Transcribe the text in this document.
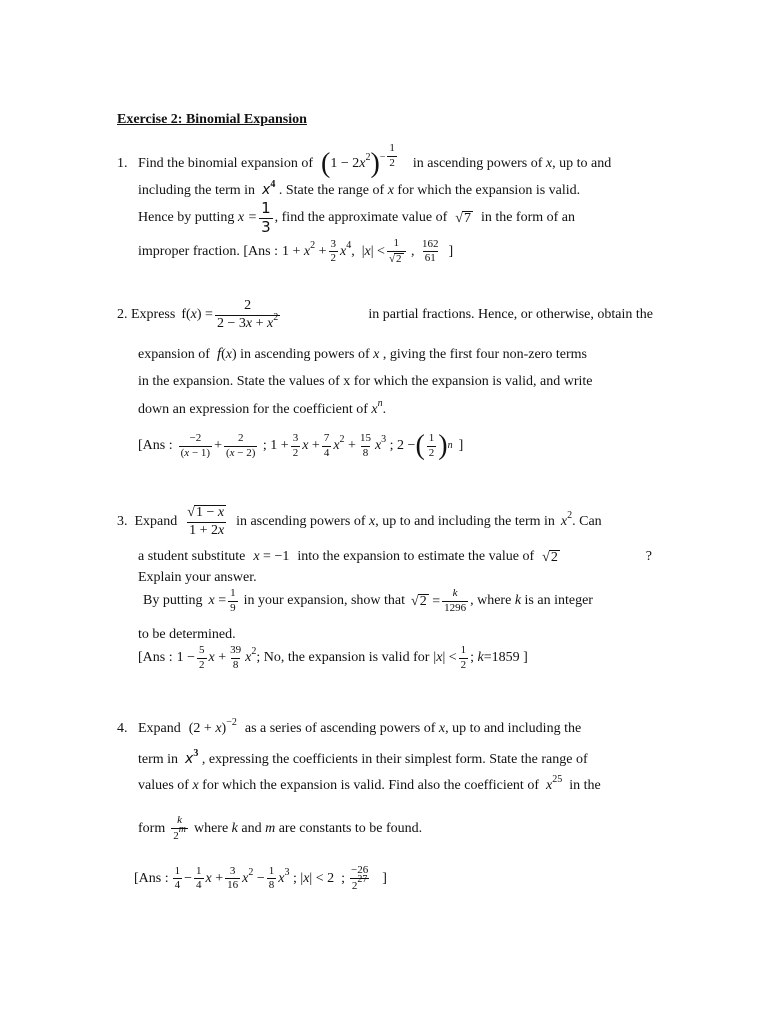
Exercise 2: Binomial Expansion
1. Find the binomial expansion of $(1 - 2x^2)^{- \frac{1}{2}}$ in ascending powers of
x , up to and
including the term in $x^4$ . State the range of x for which the expansion is valid.
Hence by putting
$x = \frac{1}{3}$ , find the approximate value of √7 in the form of an
improper fraction. [Ans : $1 + x^2 + \frac{3}{2} x^4$,  |x| <
1
√2 ,
162
61 ]
2.
Express $f(x) = \frac{2}{2 - 3x + x^2}$	in partial fractions. Hence, or otherwise, obtain the
expansion of f(x) in ascending powers of x , giving the first four non-zero terms
in the expansion. State the values of x for which the expansion is valid, and write
down an expression for the coefficient of $x^n$.
[Ans :
−2
$(x - 1) + \frac{2}{(x - 2)}$ ; $1 + \frac{3}{2}$ $x + \frac{7}{4} x^2 + \frac{15}{8} x^3$ ; 2 − ( 1
2 ) n ]
3.
Expand
√1 − x
1 + 2x
in ascending powers of
x , up to and including the term in $x^2$ . Can
a student substitute x = −1 into the expansion to estimate the value of √2	?
Explain your answer.
By putting $x = \frac{1}{9}$ in your expansion, show that $√2 = \frac{k}{1296}$ , where
k
is an integer
to be determined.
[Ans : $1 - \frac{5}{2}$ $x + \frac{39}{8} x^2$ ; No, the expansion is valid for |x| <
1
2 ;
k =1859 ]
4.
Expand $(2 + x)^{-2}$ as a series of ascending powers of
x , up to and including the
term in $x^3$ , expressing the coefficients in their simplest form. State the range of
values of x for which the expansion is valid. Find also the coefficient of $x^{25}$ in the
form
k
2$^m$ where
k
and
m
are constants to be found.
[Ans :
1
$4 - \frac{1}{4}$ $x + \frac{3}{16} x^2 - \frac{1}{8} x^3$ ; |x| < 2  ;
−26
$2^{27}$ ]
